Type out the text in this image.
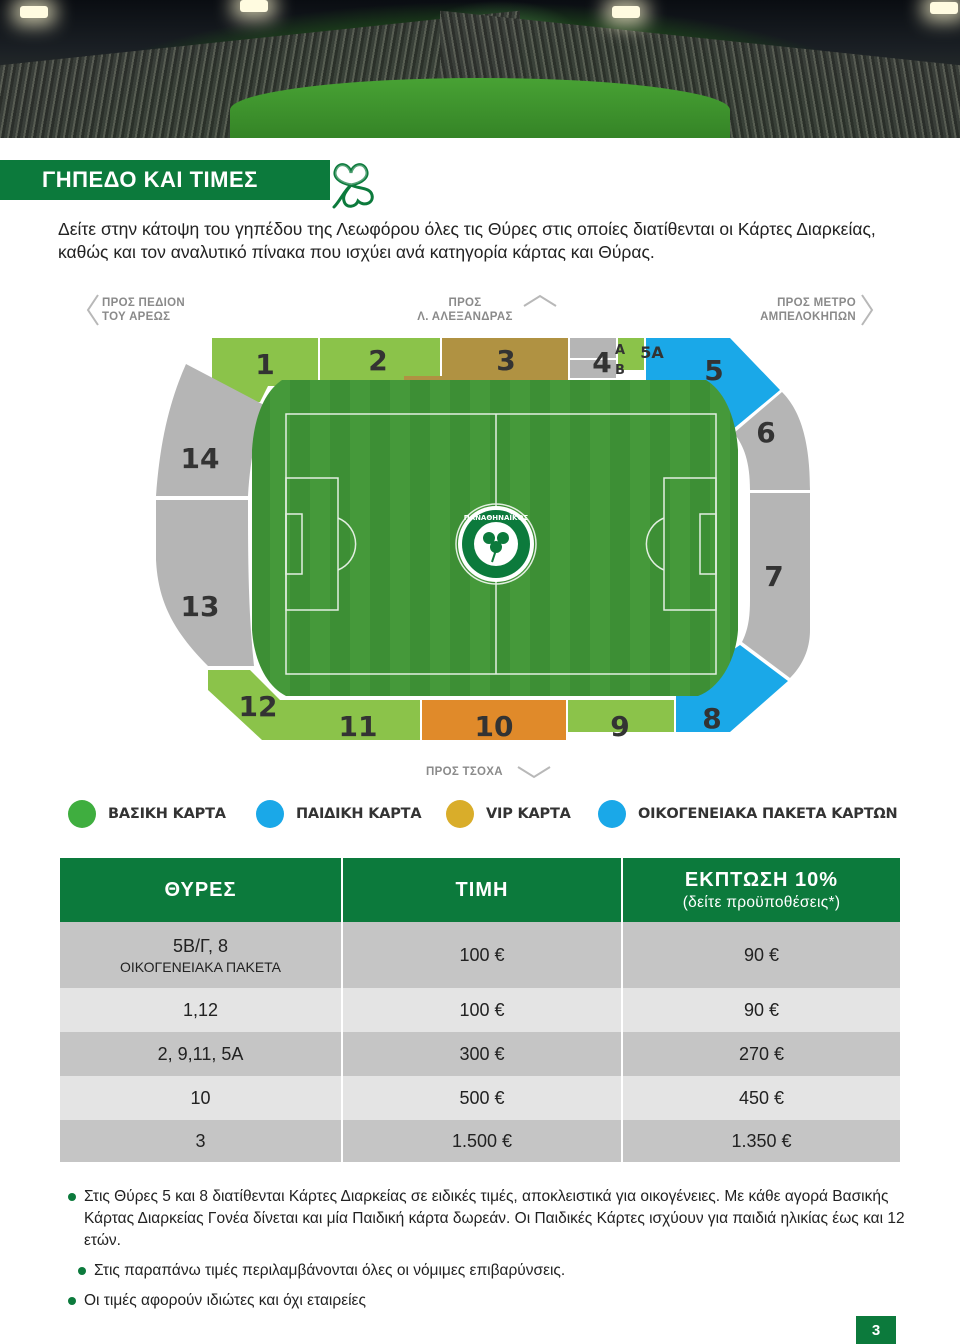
ΓΗΠΕΔΟ ΚΑΙ ΤΙΜΕΣ

Δείτε στην κάτοψη του γηπέδου της Λεωφόρου όλες τις Θύρες στις οποίες διατίθενται οι Κάρτες Διαρκείας, καθώς και τον αναλυτικό πίνακα που ισχύει ανά κατηγορία κάρτας και Θύρας.

ΠΡΟΣ ΠΕΔΙΟΝ
ΤΟΥ ΑΡΕΩΣ
ΠΡΟΣ
Λ. ΑΛΕΞΑΝΔΡΑΣ
ΠΡΟΣ ΜΕΤΡΟ
ΑΜΠΕΛΟΚΗΠΩΝ
ΠΡΟΣ ΤΣΟΧΑ
ΠΑΝΑΘΗΝΑΪΚΟΣ
1908
1	2	3	4 A
B
5A
5
6
7
8
9
10
11
12
13
14
ΒΑΣΙΚΗ ΚΑΡΤΑ	ΠΑΙΔΙΚΗ ΚΑΡΤΑ	VIP ΚΑΡΤΑ	ΟΙΚΟΓΕΝΕΙΑΚΑ ΠΑΚΕΤΑ ΚΑΡΤΩΝ
ΘΥΡΕΣ	ΤΙΜΗ	ΕΚΠΤΩΣΗ 10%
(δείτε προϋποθέσεις*)

5Β/Γ, 8
ΟΙΚΟΓΕΝΕΙΑΚΑ ΠΑΚΕΤΑ	100 €	90 €
1,12	100 €	90 €
2, 9,11, 5Α	300 €	270 €
10	500 €	450 €
3	1.500 €	1.350 €
Στις Θύρες 5 και 8 διατίθενται Κάρτες Διαρκείας σε ειδικές τιμές, αποκλειστικά για οικογένειες. Με κάθε αγορά Βασικής Κάρτας Διαρκείας Γονέα δίνεται και μία Παιδική κάρτα δωρεάν. Οι Παιδικές Κάρτες ισχύουν για παιδιά ηλικίας έως και 12 ετών.
Στις παραπάνω τιμές περιλαμβάνονται όλες οι νόμιμες επιβαρύνσεις.
Οι τιμές αφορούν ιδιώτες και όχι εταιρείες
3
